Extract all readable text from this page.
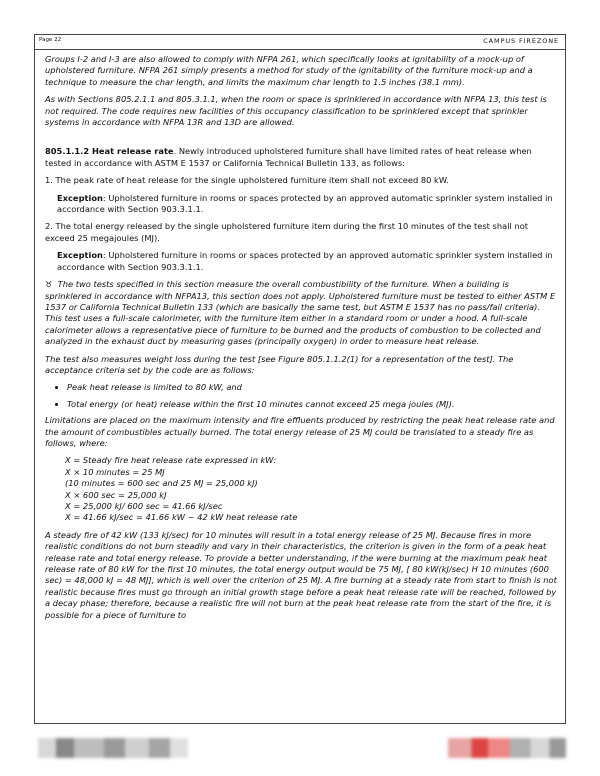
Page 22	CAMPUS FIREZONE

Groups I-2 and I-3 are also allowed to comply with NFPA 261, which specifically looks at ignitability of a mock-up of upholstered furniture. NFPA 261 simply presents a method for study of the ignitability of the furniture mock-up and a technique to measure the char length, and limits the maximum char length to 1.5 inches (38.1 mm).

As with Sections 805.2.1.1 and 805.3.1.1, when the room or space is sprinklered in accordance with NFPA 13, this test is not required. The code requires new facilities of this occupancy classification to be sprinklered except that sprinkler systems in accordance with NFPA 13R and 13D are allowed.

805.1.1.2 Heat release rate. Newly introduced upholstered furniture shall have limited rates of heat release when tested in accordance with ASTM E 1537 or California Technical Bulletin 133, as follows:

1. The peak rate of heat release for the single upholstered furniture item shall not exceed 80 kW.

Exception: Upholstered furniture in rooms or spaces protected by an approved automatic sprinkler system installed in accordance with Section 903.3.1.1.

2. The total energy released by the single upholstered furniture item during the first 10 minutes of the test shall not exceed 25 megajoules (MJ).

Exception: Upholstered furniture in rooms or spaces protected by an approved automatic sprinkler system installed in accordance with Section 903.3.1.1.

♉ The two tests specified in this section measure the overall combustibility of the furniture. When a building is sprinklered in accordance with NFPA13, this section does not apply. Upholstered furniture must be tested to either ASTM E 1537 or California Technical Bulletin 133 (which are basically the same test, but ASTM E 1537 has no pass/fail criteria). This test uses a full-scale calorimeter, with the furniture item either in a standard room or under a hood. A full-scale calorimeter allows a representative piece of furniture to be burned and the products of combustion to be collected and analyzed in the exhaust duct by measuring gases (principally oxygen) in order to measure heat release.

The test also measures weight loss during the test [see Figure 805.1.1.2(1) for a representation of the test]. The acceptance criteria set by the code are as follows:

• Peak heat release is limited to 80 kW, and
• Total energy (or heat) release within the first 10 minutes cannot exceed 25 mega joules (MJ).

Limitations are placed on the maximum intensity and fire effluents produced by restricting the peak heat release rate and the amount of combustibles actually burned. The total energy release of 25 MJ could be translated to a steady fire as follows, where:

X = Steady fire heat release rate expressed in kW:

X × 10 minutes = 25 MJ

(10 minutes = 600 sec and 25 MJ = 25,000 kJ)

X × 600 sec = 25,000 kJ

X = 25,000 kJ/ 600 sec = 41.66 kJ/sec

X = 41.66 kJ/sec = 41.66 kW ~ 42 kW heat release rate

A steady fire of 42 kW (133 kJ/sec) for 10 minutes will result in a total energy release of 25 MJ. Because fires in more realistic conditions do not burn steadily and vary in their characteristics, the criterion is given in the form of a peak heat release rate and total energy release. To provide a better understanding, if the were burning at the maximum peak heat release rate of 80 kW for the first 10 minutes, the total energy output would be 75 MJ, [ 80 kW(kJ/sec) H 10 minutes (600 sec) = 48,000 kJ = 48 MJ], which is well over the criterion of 25 MJ. A fire burning at a steady rate from start to finish is not realistic because fires must go through an initial growth stage before a peak heat release rate will be reached, followed by a decay phase; therefore, because a realistic fire will not burn at the peak heat release rate from the start of the fire, it is possible for a piece of furniture to
